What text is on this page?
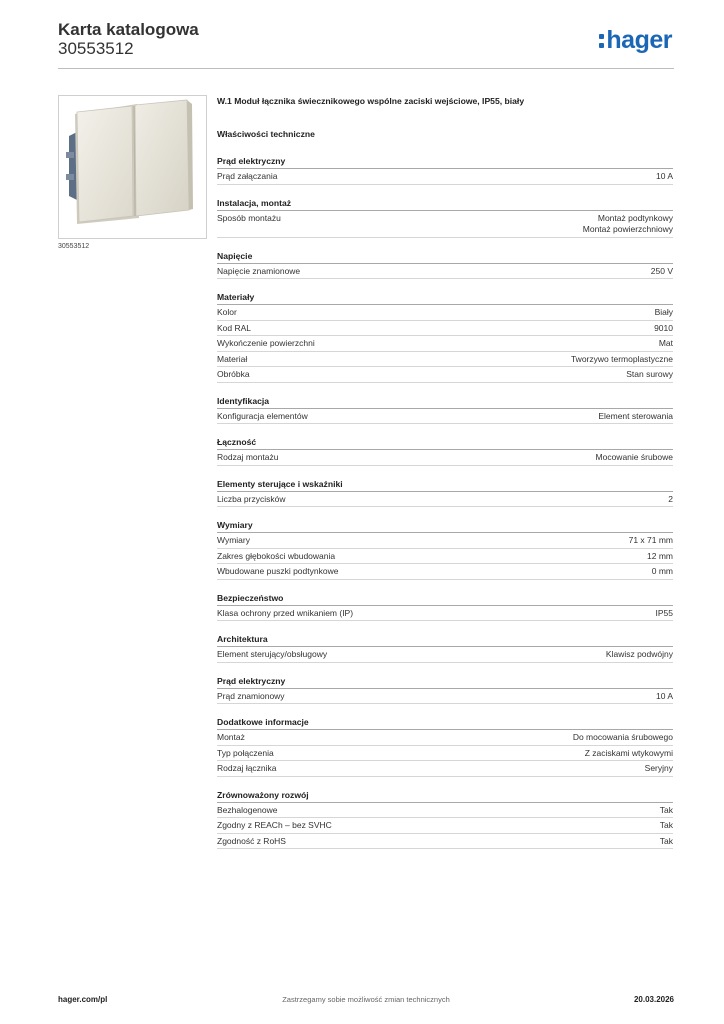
Karta katalogowa
30553512	hager
30553512
W.1 Moduł łącznika świecznikowego wspólne zaciski wejściowe, IP55, biały
Właściwości techniczne
Prąd elektryczny
Prąd załączania	10 A
Instalacja, montaż
Sposób montażu	Montaż podtynkowy
Montaż powierzchniowy
Napięcie
Napięcie znamionowe	250 V
Materiały
Kolor	Biały
Kod RAL	9010
Wykończenie powierzchni	Mat
Materiał	Tworzywo termoplastyczne
Obróbka	Stan surowy
Identyfikacja
Konfiguracja elementów	Element sterowania
Łączność
Rodzaj montażu	Mocowanie śrubowe
Elementy sterujące i wskaźniki
Liczba przycisków	2
Wymiary
Wymiary	71 x 71 mm
Zakres głębokości wbudowania	12 mm
Wbudowane puszki podtynkowe	0 mm
Bezpieczeństwo
Klasa ochrony przed wnikaniem (IP)	IP55
Architektura
Element sterujący/obsługowy	Klawisz podwójny
Prąd elektryczny
Prąd znamionowy	10 A
Dodatkowe informacje
Montaż	Do mocowania śrubowego
Typ połączenia	Z zaciskami wtykowymi
Rodzaj łącznika	Seryjny
Zrównoważony rozwój
Bezhalogenowe	Tak
Zgodny z REACh – bez SVHC	Tak
Zgodność z RoHS	Tak
hager.com/pl	Zastrzegamy sobie możliwość zmian technicznych	20.03.2026
